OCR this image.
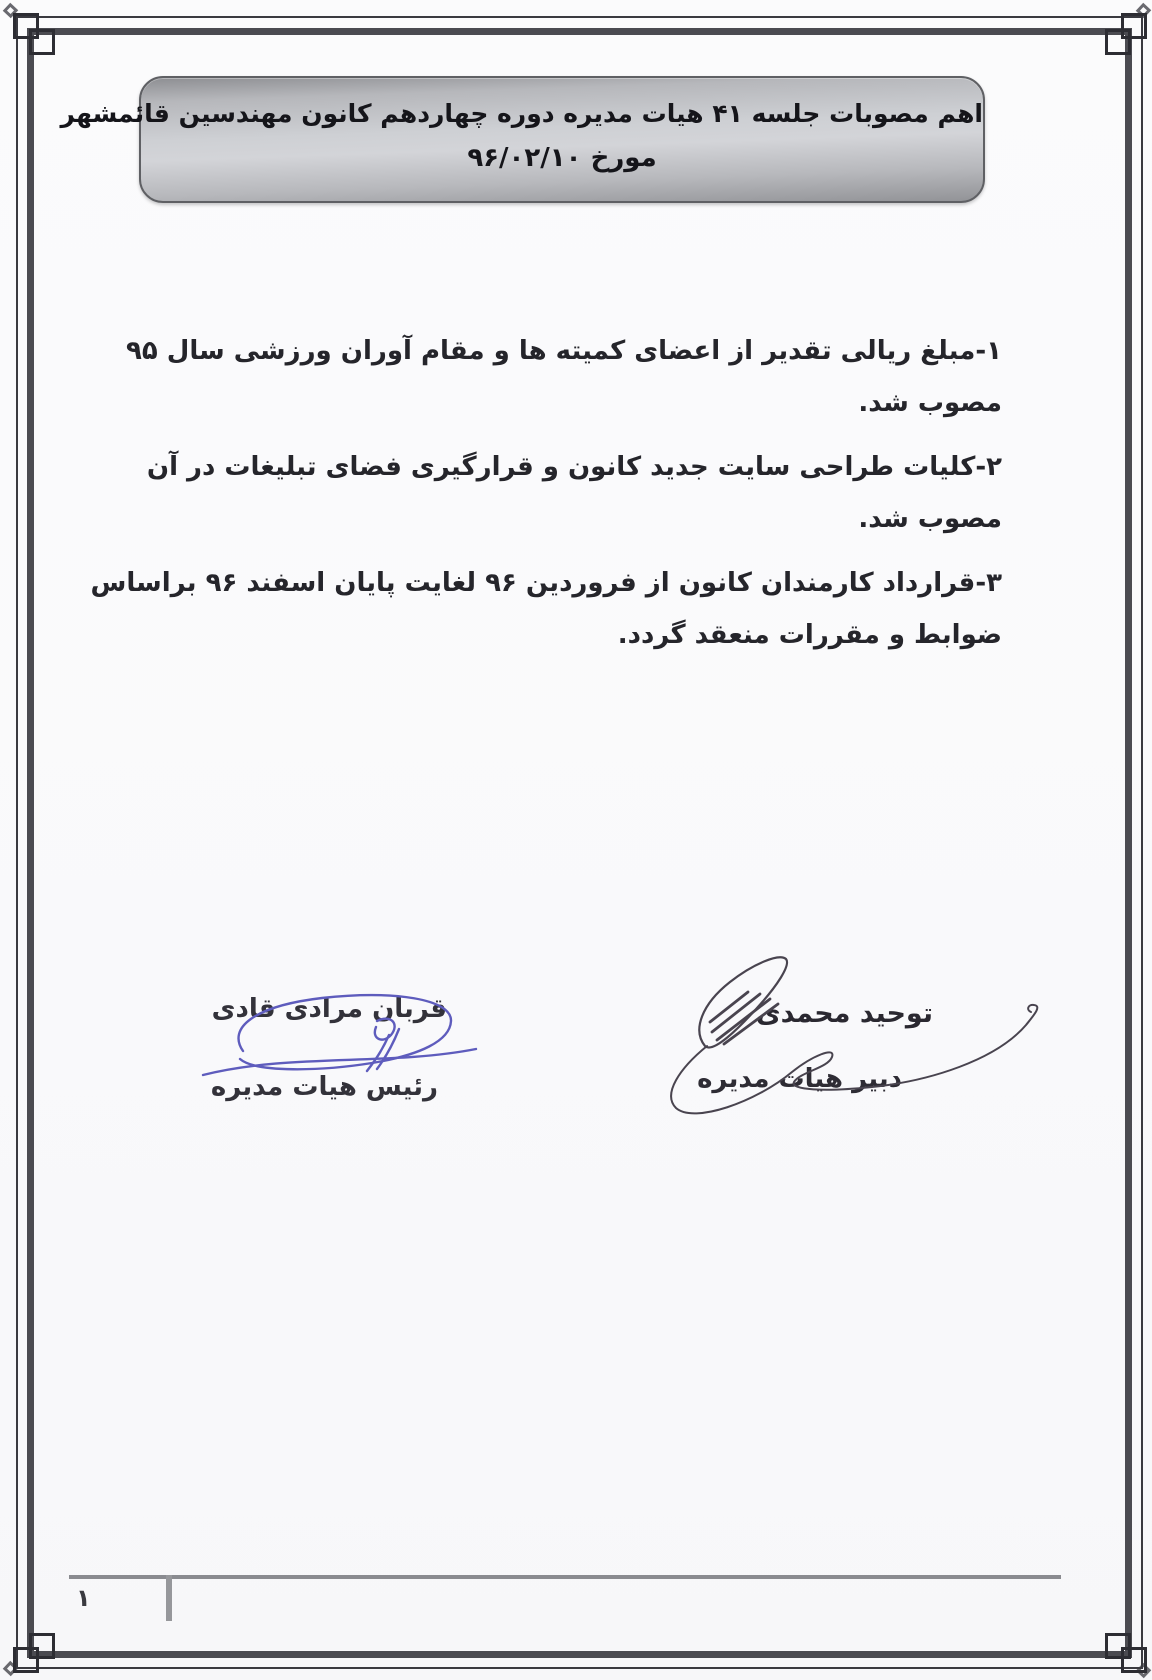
اهم مصوبات جلسه ۴۱ هیات مدیره دوره چهاردهم کانون مهندسین قائمشهر
مورخ ۹۶/۰۲/۱۰

۱-مبلغ ریالی تقدیر از اعضای کمیته ها و مقام آوران ورزشی سال ۹۵ مصوب شد.

۲-کلیات طراحی سایت جدید کانون و قرارگیری فضای تبلیغات در آن مصوب شد.

۳-قرارداد کارمندان کانون از فروردین ۹۶ لغایت پایان اسفند ۹۶ براساس ضوابط و مقررات منعقد گردد.

توحید محمدی
دبیر هیات مدیره
قربان مرادی قادی
رئیس هیات مدیره
۱
